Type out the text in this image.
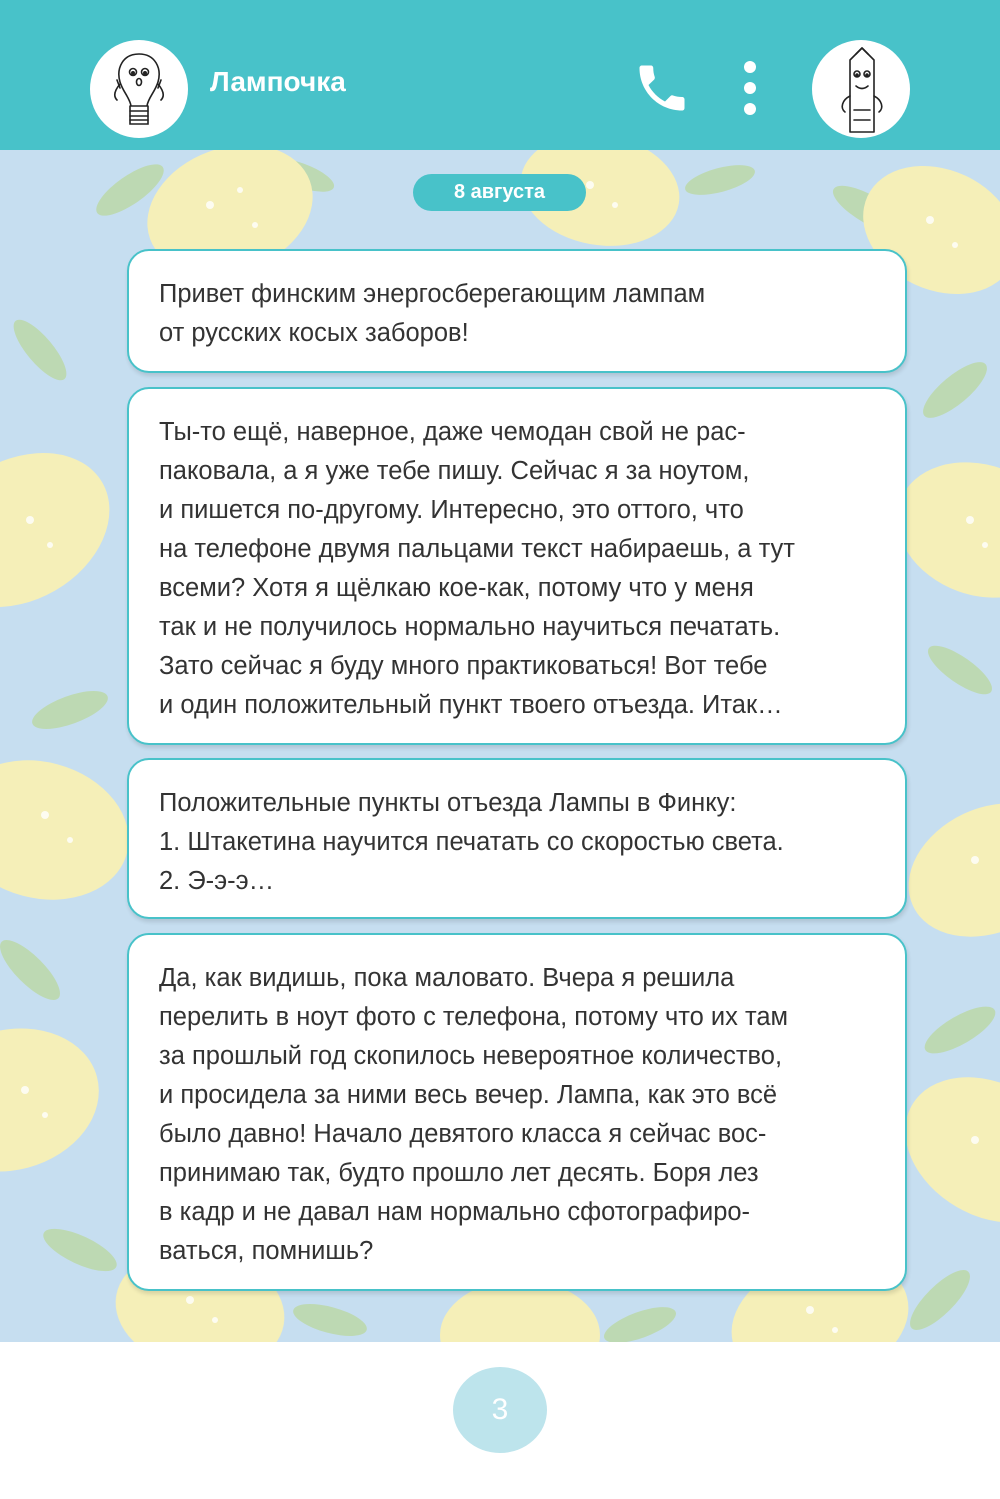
Лампочка
8 августа
Привет финским энергосберегающим лампам
от русских косых заборов!
Ты-то ещё, наверное, даже чемодан свой не рас-
паковала, а я уже тебе пишу. Сейчас я за ноутом,
и пишется по-другому. Интересно, это оттого, что
на телефоне двумя пальцами текст набираешь, а тут
всеми? Хотя я щёлкаю кое-как, потому что у меня
так и не получилось нормально научиться печатать.
Зато сейчас я буду много практиковаться! Вот тебе
и один положительный пункт твоего отъезда. Итак…
Положительные пункты отъезда Лампы в Финку:
1. Штакетина научится печатать со скоростью света.
2. Э-э-э…
Да, как видишь, пока маловато. Вчера я решила
перелить в ноут фото с телефона, потому что их там
за прошлый год скопилось невероятное количество,
и просидела за ними весь вечер. Лампа, как это всё
было давно! Начало девятого класса я сейчас вос-
принимаю так, будто прошло лет десять. Боря лез
в кадр и не давал нам нормально сфотографиро-
ваться, помнишь?
3
